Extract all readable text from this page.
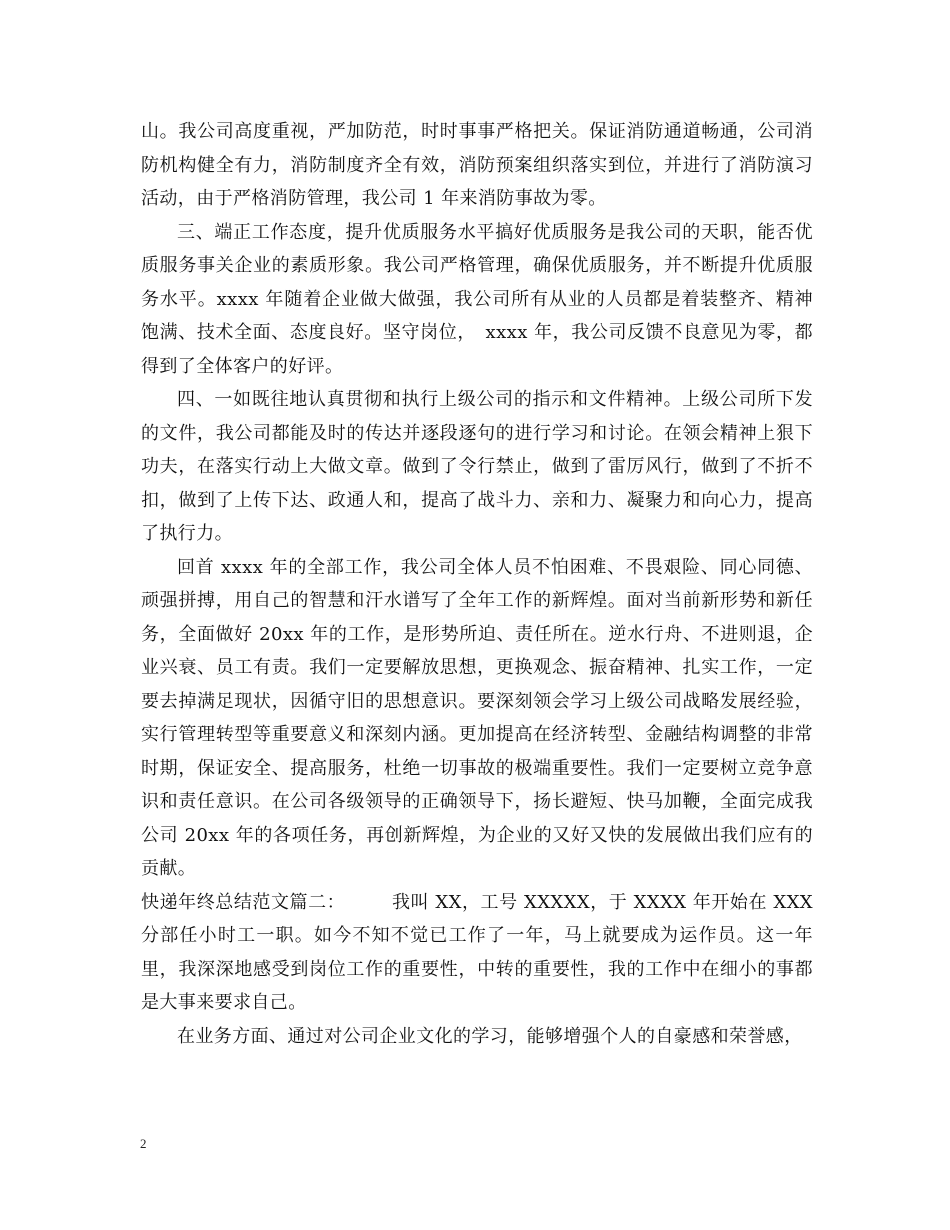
山。我公司高度重视，严加防范，时时事事严格把关。保证消防通道畅通，公司消防机构健全有力，消防制度齐全有效，消防预案组织落实到位，并进行了消防演习活动，由于严格消防管理，我公司 1 年来消防事故为零。

三、端正工作态度，提升优质服务水平搞好优质服务是我公司的天职，能否优质服务事关企业的素质形象。我公司严格管理，确保优质服务，并不断提升优质服务水平。xxxx 年随着企业做大做强，我公司所有从业的人员都是着装整齐、精神饱满、技术全面、态度良好。坚守岗位，　xxxx 年，我公司反馈不良意见为零，都得到了全体客户的好评。

四、一如既往地认真贯彻和执行上级公司的指示和文件精神。上级公司所下发的文件，我公司都能及时的传达并逐段逐句的进行学习和讨论。在领会精神上狠下功夫，在落实行动上大做文章。做到了令行禁止，做到了雷厉风行，做到了不折不扣，做到了上传下达、政通人和，提高了战斗力、亲和力、凝聚力和向心力，提高了执行力。

回首 xxxx 年的全部工作，我公司全体人员不怕困难、不畏艰险、同心同德、顽强拼搏，用自己的智慧和汗水谱写了全年工作的新辉煌。面对当前新形势和新任务，全面做好 20xx 年的工作，是形势所迫、责任所在。逆水行舟、不进则退，企业兴衰、员工有责。我们一定要解放思想，更换观念、振奋精神、扎实工作，一定要去掉满足现状，因循守旧的思想意识。要深刻领会学习上级公司战略发展经验，实行管理转型等重要意义和深刻内涵。更加提高在经济转型、金融结构调整的非常时期，保证安全、提高服务，杜绝一切事故的极端重要性。我们一定要树立竞争意识和责任意识。在公司各级领导的正确领导下，扬长避短、快马加鞭，全面完成我公司 20xx 年的各项任务，再创新辉煌，为企业的又好又快的发展做出我们应有的贡献。

快递年终总结范文篇二：　　　我叫 XX，工号 XXXXX，于 XXXX 年开始在 XXX 分部任小时工一职。如今不知不觉已工作了一年，马上就要成为运作员。这一年里，我深深地感受到岗位工作的重要性，中转的重要性，我的工作中在细小的事都是大事来要求自己。

在业务方面、通过对公司企业文化的学习，能够增强个人的自豪感和荣誉感，

2
